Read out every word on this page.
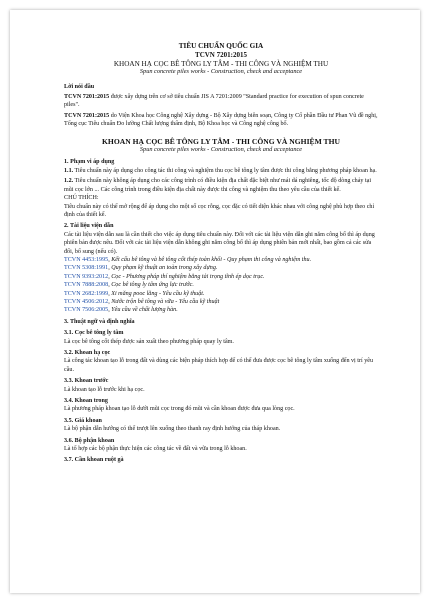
TIÊU CHUẨN QUỐC GIA
TCVN 7201:2015
KHOAN HẠ CỌC BÊ TÔNG LY TÂM - THI CÔNG VÀ NGHIỆM THU
Spun concrete piles works - Construction, check and acceptance
Lời nói đầu

TCVN 7201:2015 được xây dựng trên cơ sở tiêu chuẩn JIS A 7201:2009 "Standard practice for execution of spun concrete piles".

TCVN 7201:2015 do Viện Khoa học Công nghệ Xây dựng - Bộ Xây dựng biên soạn, Công ty Cổ phần Đầu tư Phan Vũ đề nghị, Tổng cục Tiêu chuẩn Đo lường Chất lượng thẩm định, Bộ Khoa học và Công nghệ công bố.

KHOAN HẠ CỌC BÊ TÔNG LY TÂM - THI CÔNG VÀ NGHIỆM THU
Spun concrete piles works - Construction, check and acceptance
1. Phạm vi áp dụng

1.1. Tiêu chuẩn này áp dụng cho công tác thi công và nghiệm thu cọc bê tông ly tâm được thi công bằng phương pháp khoan hạ.

1.2. Tiêu chuẩn này không áp dụng cho các công trình có điều kiện địa chất đặc biệt như mái dá nghiêng, tốc độ dòng chảy tại mũi cọc lớn ... Các công trình trong điều kiện địa chất này được thi công và nghiệm thu theo yêu cầu của thiết kế.

CHÚ THÍCH:

Tiêu chuẩn này có thể mở rộng để áp dụng cho một số cọc rỗng, cọc đặc có tiết diện khác nhau với công nghệ phù hợp theo chỉ định của thiết kế.

2. Tài liệu viện dẫn

Các tài liệu viện dẫn sau là cần thiết cho việc áp dụng tiêu chuẩn này. Đối với các tài liệu viện dẫn ghi năm công bố thì áp dụng phiên bản được nêu. Đối với các tài liệu viện dẫn không ghi năm công bố thì áp dụng phiên bản mới nhất, bao gồm cả các sửa đổi, bổ sung (nếu có).

TCVN 4453:1995, Kết cấu bê tông và bê tông cốt thép toàn khối - Quy phạm thi công và nghiệm thu.

TCVN 5308:1991, Quy phạm kỹ thuật an toàn trong xây dựng.

TCVN 9393:2012, Cọc - Phương pháp thí nghiệm bằng tải trọng tĩnh ép dọc trục.

TCVN 7888:2008, Cọc bê tông ly tâm ứng lực trước.

TCVN 2682:1999, Xi măng pooc lăng - Yêu cầu kỹ thuật.

TCVN 4506:2012, Nước trộn bê tông và vữa - Yêu cầu kỹ thuật

TCVN 7506:2005, Yêu cầu về chất lượng hàn.

3. Thuật ngữ và định nghĩa
3.1. Cọc bê tông ly tâm

Là cọc bê tông cốt thép được sản xuất theo phương pháp quay ly tâm.

3.2. Khoan hạ cọc

Là công tác khoan tạo lỗ trong đất và dùng các biện pháp thích hợp để có thể đưa được cọc bê tông ly tâm xuống đến vị trí yêu cầu.

3.3. Khoan trước

Là khoan tạo lỗ trước khi hạ cọc.

3.4. Khoan trong

Là phương pháp khoan tạo lỗ dưới mũi cọc trong đó mũi và cần khoan được đưa qua lòng cọc.

3.5. Giá khoan

Là bộ phận dẫn hướng có thể trượt lên xuống theo thanh ray định hướng của tháp khoan.

3.6. Bộ phận khoan

Là tổ hợp các bộ phận thực hiện các công tác về đất và vữa trong lỗ khoan.

3.7. Cần khoan ruột gà
